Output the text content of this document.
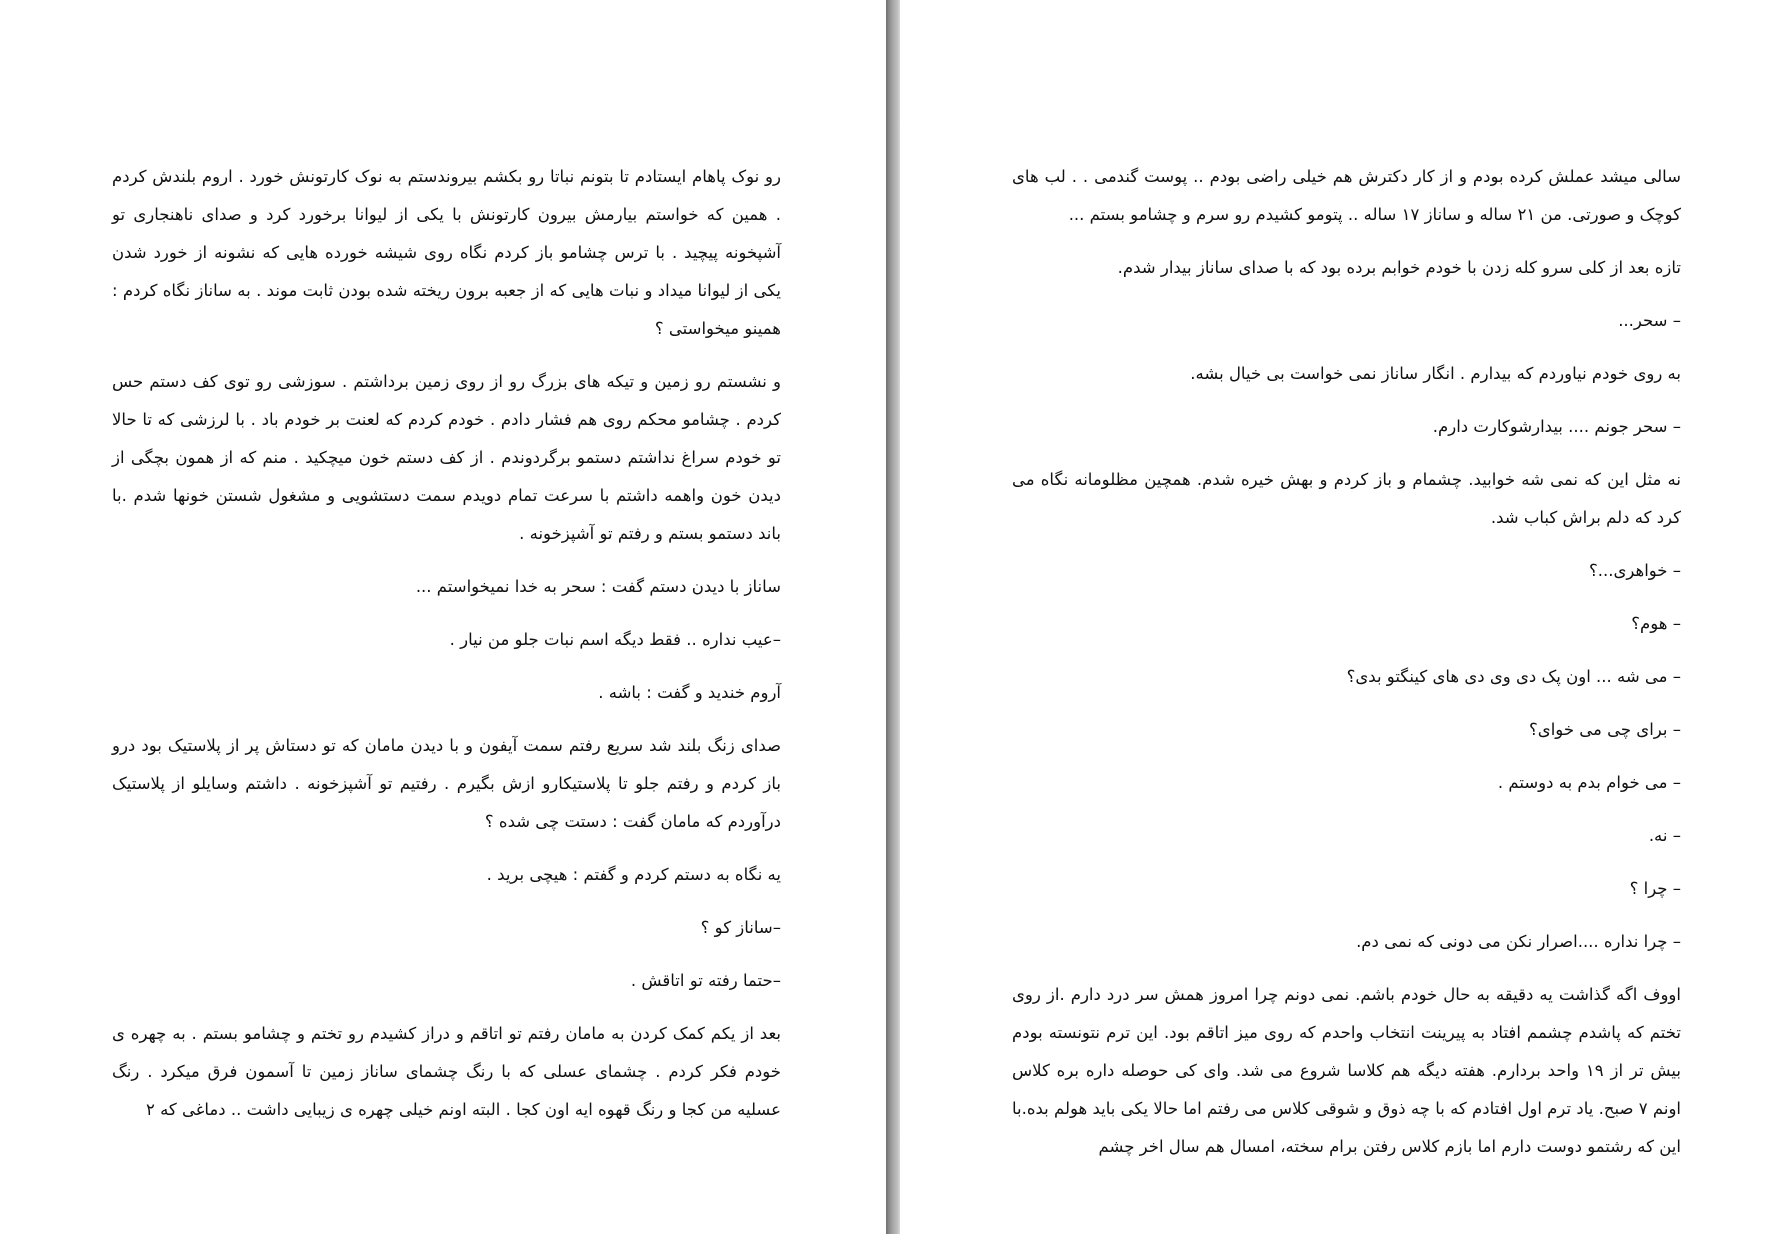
رو نوک پاهام ایستادم تا بتونم نباتا رو بکشم بیروندستم به نوک کارتونش خورد . اروم بلندش کردم . همین که خواستم بیارمش بیرون کارتونش با یکی از لیوانا برخورد کرد و صدای ناهنجاری تو آشپخونه پیچید . با ترس چشامو باز کردم نگاه روی شیشه خورده هایی که نشونه از خورد شدن یکی از لیوانا میداد و نبات هایی که از جعبه برون ریخته شده بودن ثابت موند . به ساناز نگاه کردم : همینو میخواستی ؟

و نشستم رو زمین و تیکه های بزرگ رو از روی زمین برداشتم . سوزشی رو توی کف دستم حس کردم . چشامو محکم روی هم فشار دادم . خودم کردم که لعنت بر خودم باد . با لرزشی که تا حالا تو خودم سراغ نداشتم دستمو برگردوندم . از کف دستم خون میچکید . منم که از همون بچگی از دیدن خون واهمه داشتم با سرعت تمام دویدم سمت دستشویی و مشغول شستن خونها شدم .با باند دستمو بستم و رفتم تو آشپزخونه .

ساناز با دیدن دستم گفت : سحر به خدا نمیخواستم ...

–عیب نداره .. فقط دیگه اسم نبات جلو من نیار .

آروم خندید و گفت : باشه .

صدای زنگ بلند شد سریع رفتم سمت آیفون و با دیدن مامان که تو دستاش پر از پلاستیک بود درو باز کردم و رفتم جلو تا پلاستیکارو ازش بگیرم . رفتیم تو آشپزخونه . داشتم وسایلو از پلاستیک درآوردم که مامان گفت : دستت چی شده ؟

یه نگاه به دستم کردم و گفتم : هیچی برید .

–ساناز کو ؟

–حتما رفته تو اتاقش .

بعد از یکم کمک کردن به مامان رفتم تو اتاقم و دراز کشیدم رو تختم و چشامو بستم . به چهره ی خودم فکر کردم . چشمای عسلی که با رنگ چشمای ساناز زمین تا آسمون فرق میکرد . رنگ عسلیه من کجا و رنگ قهوه ایه اون کجا . البته اونم خیلی چهره ی زیبایی داشت .. دماغی که ۲

سالی میشد عملش کرده بودم و از کار دکترش هم خیلی راضی بودم .. پوست گندمی . . لب های کوچک و صورتی. من ۲۱ ساله و ساناز ۱۷ ساله .. پتومو کشیدم رو سرم و چشامو بستم ...

تازه بعد از کلی سرو کله زدن با خودم خوابم برده بود که با صدای ساناز بیدار شدم.

– سحر...

به روی خودم نیاوردم که بیدارم . انگار ساناز نمی خواست بی خیال بشه.

– سحر جونم .... بیدارشوکارت دارم.

نه مثل این که نمی شه خوابید. چشمام و باز کردم و بهش خیره شدم. همچین مظلومانه نگاه می کرد که دلم براش کباب شد.

– خواهری...؟

– هوم؟

– می شه ... اون پک دی وی دی های کینگتو بدی؟

– برای چی می خوای؟

– می خوام بدم به دوستم .

– نه.

– چرا ؟

– چرا نداره ....اصرار نکن می دونی که نمی دم.

اووف اگه گذاشت یه دقیقه به حال خودم باشم. نمی دونم چرا امروز همش سر درد دارم .از روی تختم که پاشدم چشمم افتاد به پیرینت انتخاب واحدم که روی میز اتاقم بود. این ترم نتونسته بودم بیش تر از ۱۹ واحد بردارم. هفته دیگه هم کلاسا شروع می شد. وای کی حوصله داره بره کلاس اونم ۷ صبح. یاد ترم اول افتادم که با چه ذوق و شوقی کلاس می رفتم اما حالا یکی باید هولم بده.با این که رشتمو دوست دارم اما بازم کلاس رفتن برام سخته، امسال هم سال اخر چشم
